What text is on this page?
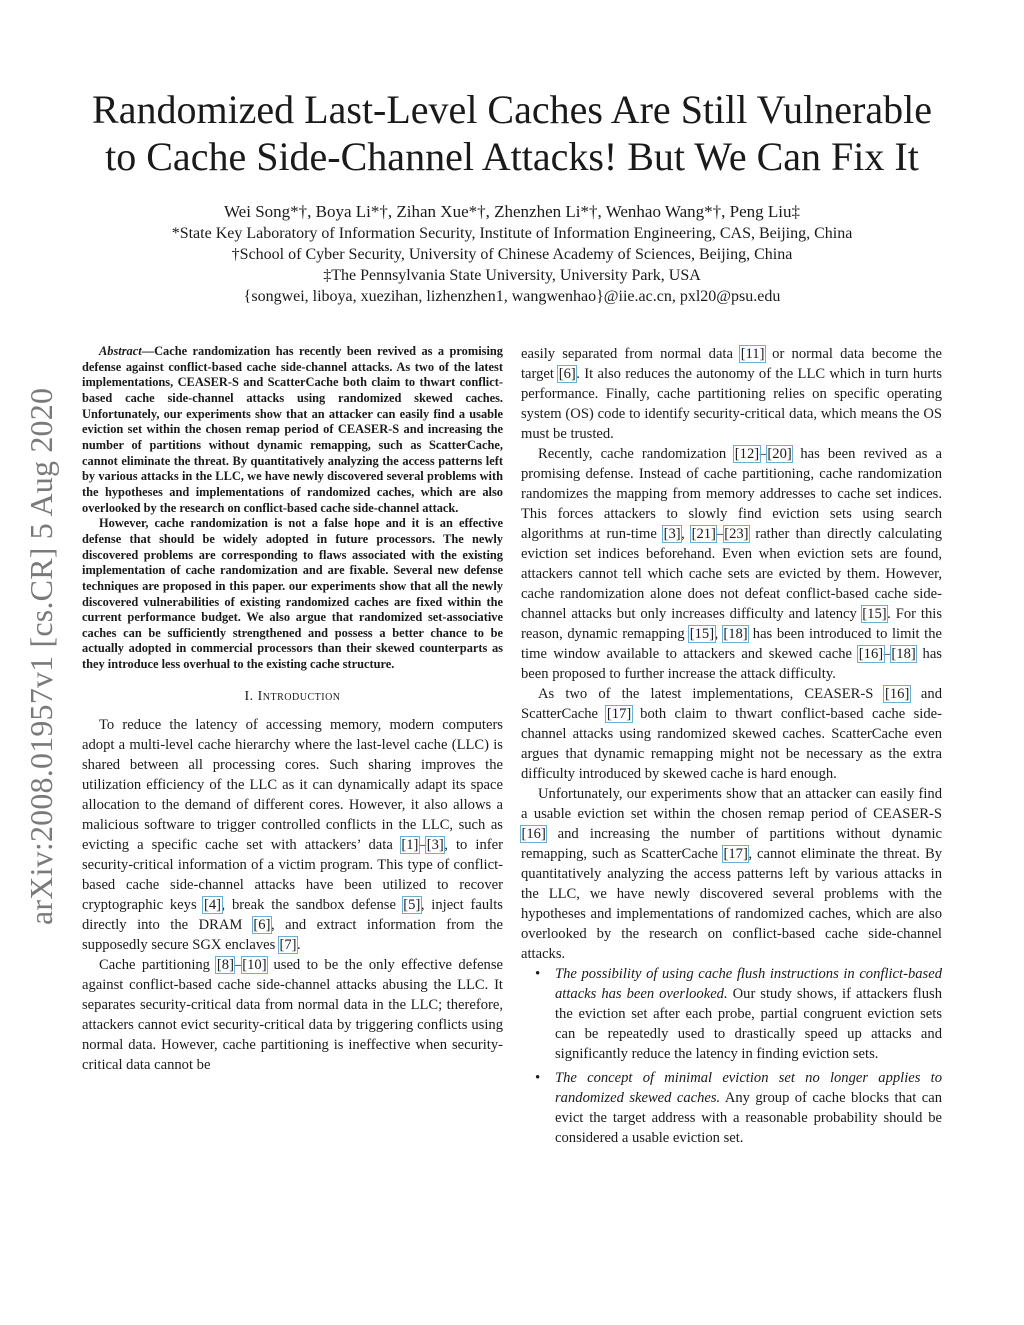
Randomized Last-Level Caches Are Still Vulnerable
to Cache Side-Channel Attacks! But We Can Fix It
Wei Song*†, Boya Li*†, Zihan Xue*†, Zhenzhen Li*†, Wenhao Wang*†, Peng Liu‡
*State Key Laboratory of Information Security, Institute of Information Engineering, CAS, Beijing, China
†School of Cyber Security, University of Chinese Academy of Sciences, Beijing, China
‡The Pennsylvania State University, University Park, USA
{songwei, liboya, xuezihan, lizhenzhen1, wangwenhao}@iie.ac.cn, pxl20@psu.edu
arXiv:2008.01957v1 [cs.CR] 5 Aug 2020

Abstract—Cache randomization has recently been revived as a promising defense against conflict-based cache side-channel attacks. As two of the latest implementations, CEASER-S and ScatterCache both claim to thwart conflict-based cache side-channel attacks using randomized skewed caches. Unfortunately, our experiments show that an attacker can easily find a usable eviction set within the chosen remap period of CEASER-S and increasing the number of partitions without dynamic remapping, such as ScatterCache, cannot eliminate the threat. By quantitatively analyzing the access patterns left by various attacks in the LLC, we have newly discovered several problems with the hypotheses and implementations of randomized caches, which are also overlooked by the research on conflict-based cache side-channel attack.

However, cache randomization is not a false hope and it is an effective defense that should be widely adopted in future processors. The newly discovered problems are corresponding to flaws associated with the existing implementation of cache randomization and are fixable. Several new defense techniques are proposed in this paper. our experiments show that all the newly discovered vulnerabilities of existing randomized caches are fixed within the current performance budget. We also argue that randomized set-associative caches can be sufficiently strengthened and possess a better chance to be actually adopted in commercial processors than their skewed counterparts as they introduce less overhual to the existing cache structure.

I. Introduction

To reduce the latency of accessing memory, modern computers adopt a multi-level cache hierarchy where the last-level cache (LLC) is shared between all processing cores. Such sharing improves the utilization efficiency of the LLC as it can dynamically adapt its space allocation to the demand of different cores. However, it also allows a malicious software to trigger controlled conflicts in the LLC, such as evicting a specific cache set with attackers’ data [1]–[3], to infer security-critical information of a victim program. This type of conflict-based cache side-channel attacks have been utilized to recover cryptographic keys [4], break the sandbox defense [5], inject faults directly into the DRAM [6], and extract information from the supposedly secure SGX enclaves [7].

Cache partitioning [8]–[10] used to be the only effective defense against conflict-based cache side-channel attacks abusing the LLC. It separates security-critical data from normal data in the LLC; therefore, attackers cannot evict security-critical data by triggering conflicts using normal data. However, cache partitioning is ineffective when security-critical data cannot be

easily separated from normal data [11] or normal data become the target [6]. It also reduces the autonomy of the LLC which in turn hurts performance. Finally, cache partitioning relies on specific operating system (OS) code to identify security-critical data, which means the OS must be trusted.

Recently, cache randomization [12]–[20] has been revived as a promising defense. Instead of cache partitioning, cache randomization randomizes the mapping from memory addresses to cache set indices. This forces attackers to slowly find eviction sets using search algorithms at run-time [3], [21]–[23] rather than directly calculating eviction set indices beforehand. Even when eviction sets are found, attackers cannot tell which cache sets are evicted by them. However, cache randomization alone does not defeat conflict-based cache side-channel attacks but only increases difficulty and latency [15]. For this reason, dynamic remapping [15], [18] has been introduced to limit the time window available to attackers and skewed cache [16]–[18] has been proposed to further increase the attack difficulty.

As two of the latest implementations, CEASER-S [16] and ScatterCache [17] both claim to thwart conflict-based cache side-channel attacks using randomized skewed caches. ScatterCache even argues that dynamic remapping might not be necessary as the extra difficulty introduced by skewed cache is hard enough.

Unfortunately, our experiments show that an attacker can easily find a usable eviction set within the chosen remap period of CEASER-S [16] and increasing the number of partitions without dynamic remapping, such as ScatterCache [17], cannot eliminate the threat. By quantitatively analyzing the access patterns left by various attacks in the LLC, we have newly discovered several problems with the hypotheses and implementations of randomized caches, which are also overlooked by the research on conflict-based cache side-channel attacks.

• The possibility of using cache flush instructions in conflict-based attacks has been overlooked. Our study shows, if attackers flush the eviction set after each probe, partial congruent eviction sets can be repeatedly used to drastically speed up attacks and significantly reduce the latency in finding eviction sets.
• The concept of minimal eviction set no longer applies to randomized skewed caches. Any group of cache blocks that can evict the target address with a reasonable probability should be considered a usable eviction set.
